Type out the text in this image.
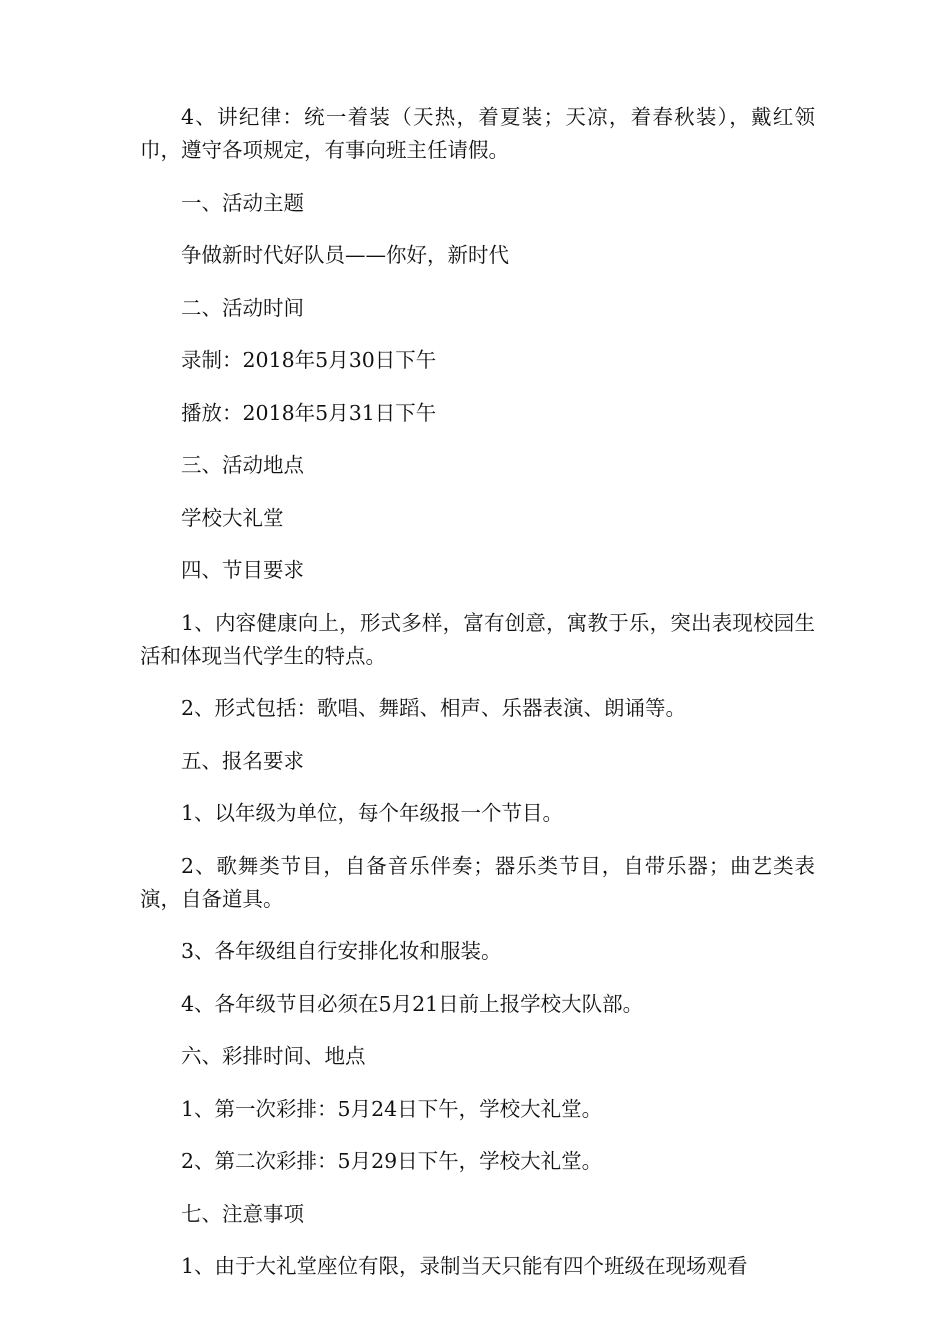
4、讲纪律：统一着装（天热，着夏装；天凉，着春秋装），戴红领巾，遵守各项规定，有事向班主任请假。

一、活动主题

争做新时代好队员——你好，新时代

二、活动时间

录制：2018年5月30日下午

播放：2018年5月31日下午

三、活动地点

学校大礼堂

四、节目要求

1、内容健康向上，形式多样，富有创意，寓教于乐，突出表现校园生活和体现当代学生的特点。

2、形式包括：歌唱、舞蹈、相声、乐器表演、朗诵等。

五、报名要求

1、以年级为单位，每个年级报一个节目。

2、歌舞类节目，自备音乐伴奏；器乐类节目，自带乐器；曲艺类表演，自备道具。

3、各年级组自行安排化妆和服装。

4、各年级节目必须在5月21日前上报学校大队部。

六、彩排时间、地点

1、第一次彩排：5月24日下午，学校大礼堂。

2、第二次彩排：5月29日下午，学校大礼堂。

七、注意事项

1、由于大礼堂座位有限，录制当天只能有四个班级在现场观看
